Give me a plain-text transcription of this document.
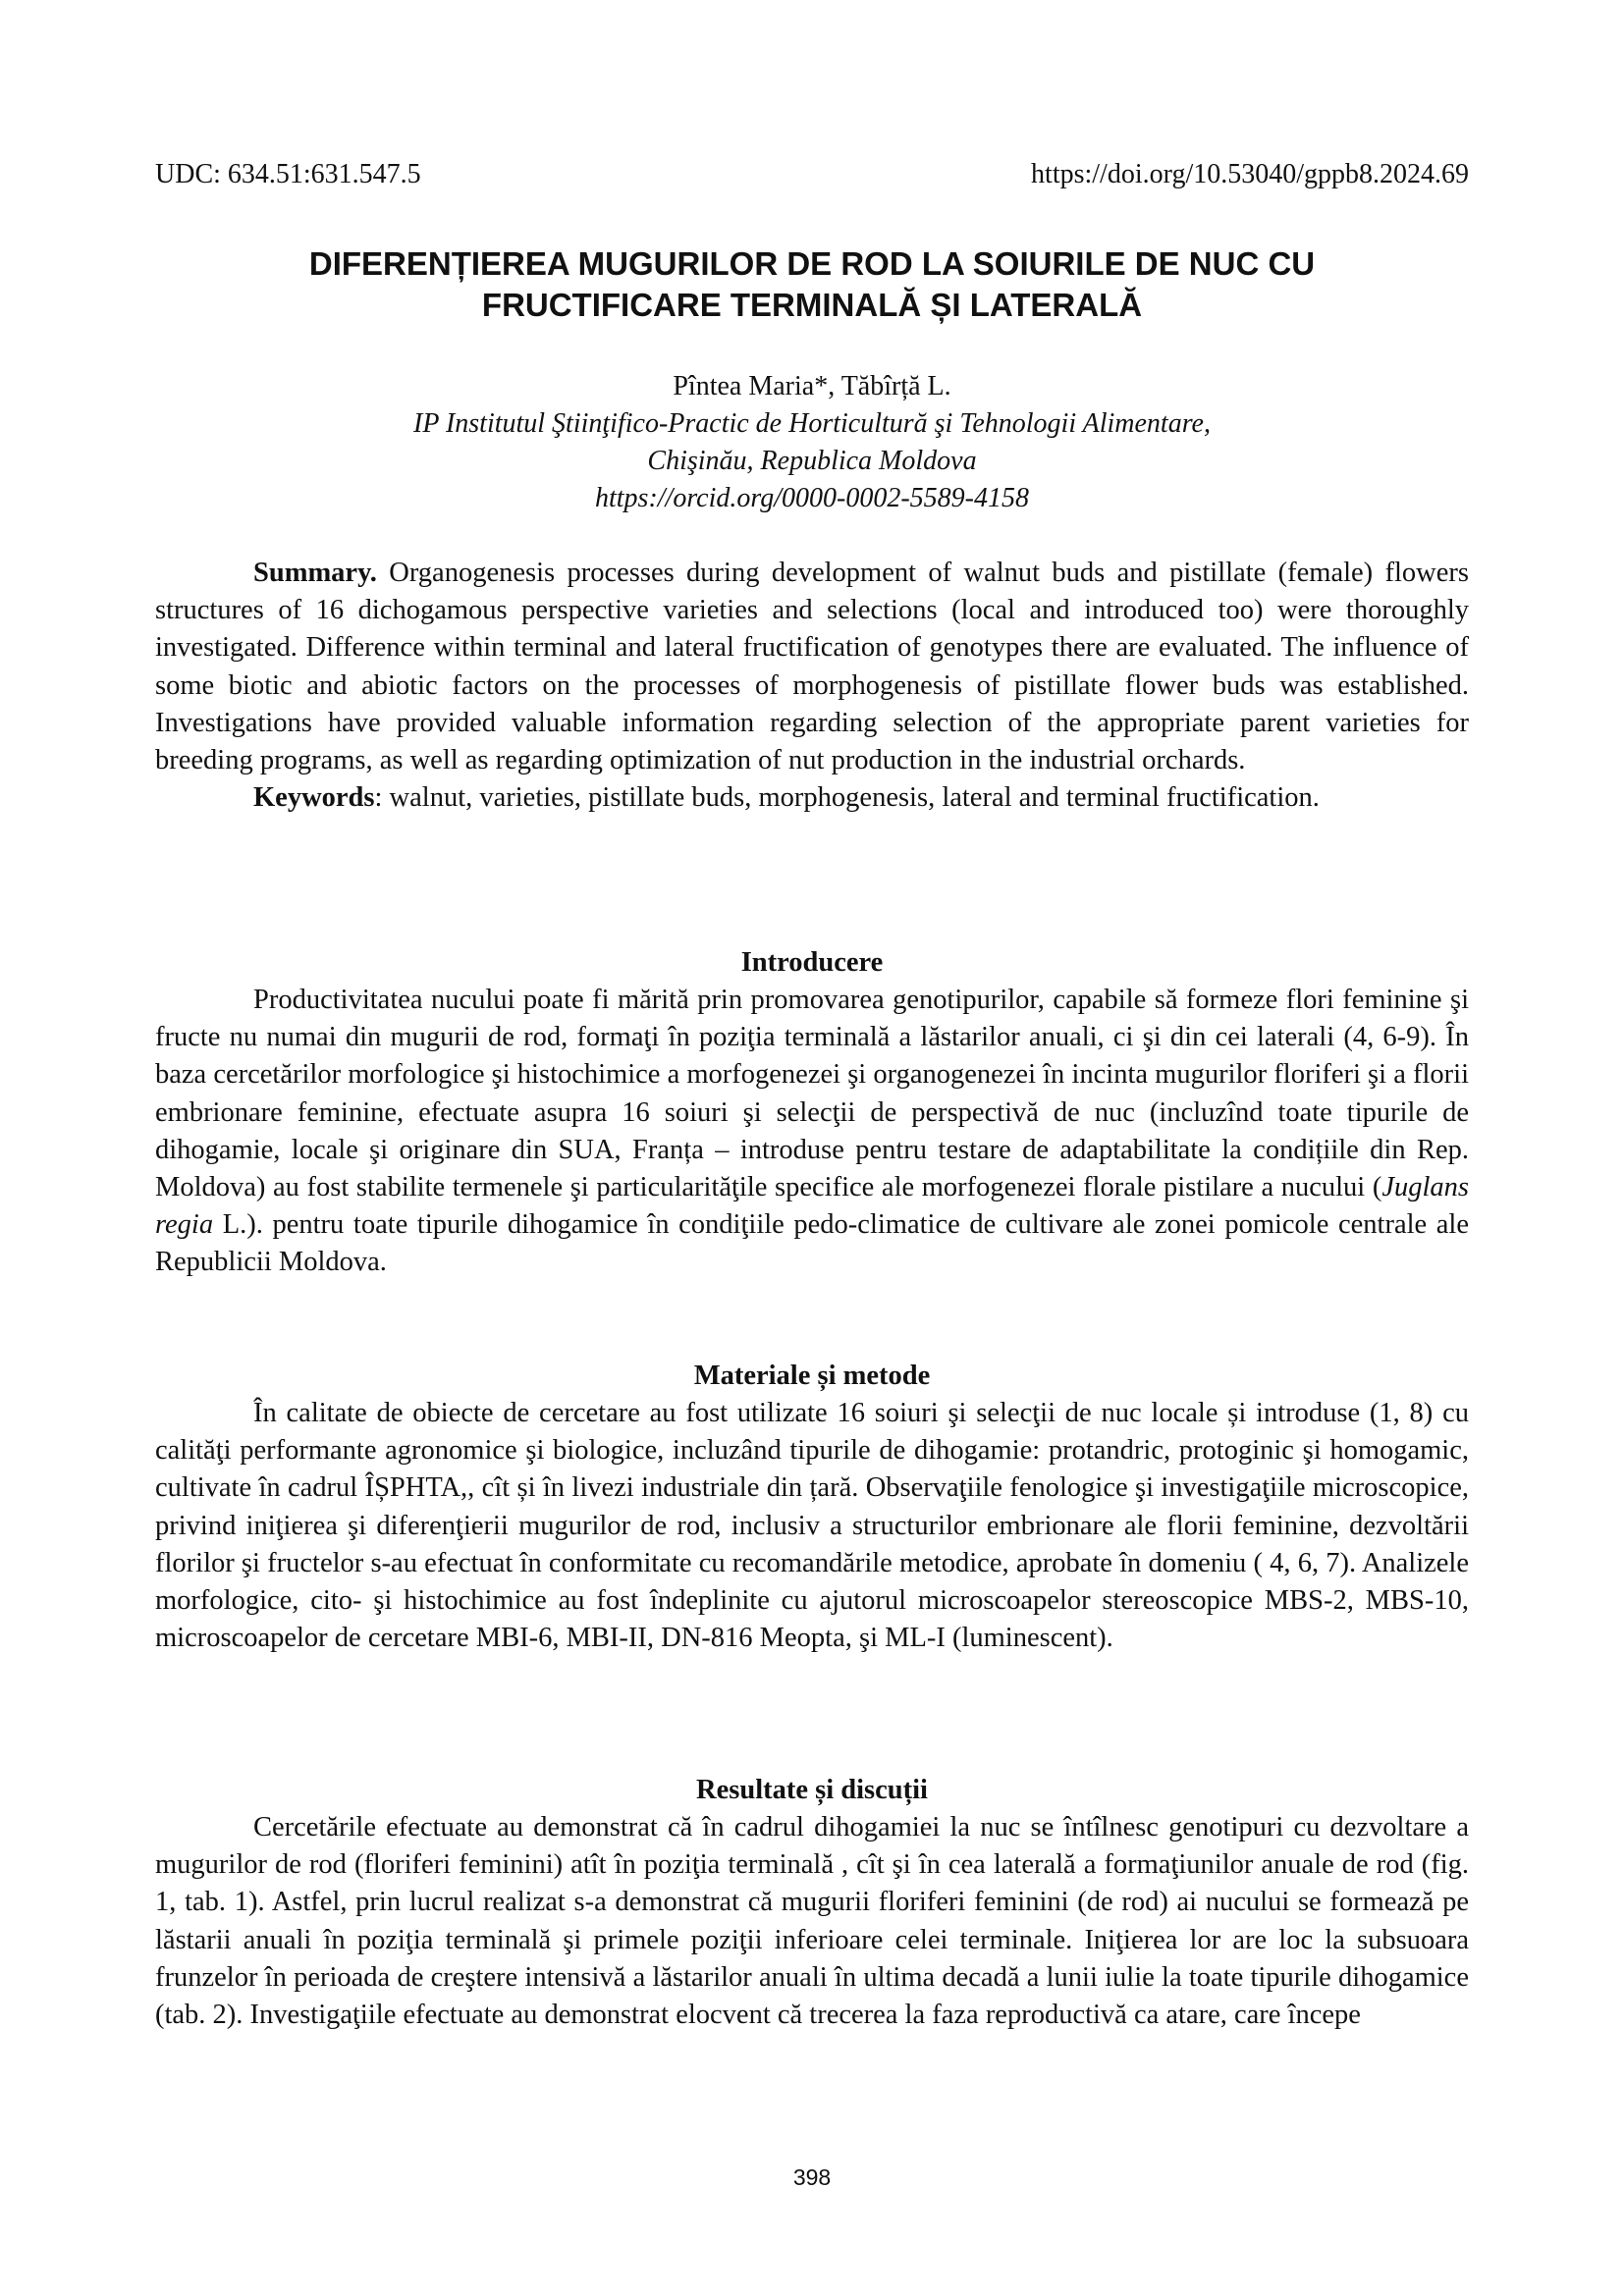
UDC: 634.51:631.547.5	https://doi.org/10.53040/gppb8.2024.69
DIFERENȚIEREA MUGURILOR DE ROD LA SOIURILE DE NUC CU
FRUCTIFICARE TERMINALĂ ȘI LATERALĂ
Pîntea Maria*, Tăbîrță L.
IP Institutul Ştiinţifico-Practic de Horticultură şi Tehnologii Alimentare,
Chişinău, Republica Moldova
https://orcid.org/0000-0002-5589-4158

Summary. Organogenesis processes during development of walnut buds and pistillate (female) flowers structures of 16 dichogamous perspective varieties and selections (local and introduced too) were thoroughly investigated. Difference within terminal and lateral fructification of genotypes there are evaluated. The influence of some biotic and abiotic factors on the processes of morphogenesis of pistillate flower buds was established. Investigations have provided valuable information regarding selection of the appropriate parent varieties for breeding programs, as well as regarding optimization of nut production in the industrial orchards.

Keywords: walnut, varieties, pistillate buds, morphogenesis, lateral and terminal fructification.

Introducere

Productivitatea nucului poate fi mărită prin promovarea genotipurilor, capabile să formeze flori feminine şi fructe nu numai din mugurii de rod, formaţi în poziţia terminală a lăstarilor anuali, ci şi din cei laterali (4, 6-9). În baza cercetărilor morfologice şi histochimice a morfogenezei şi organogenezei în incinta mugurilor floriferi şi a florii embrionare feminine, efectuate asupra 16 soiuri şi selecţii de perspectivă de nuc (incluzînd toate tipurile de dihogamie, locale şi originare din SUA, Franța – introduse pentru testare de adaptabilitate la condițiile din Rep. Moldova) au fost stabilite termenele şi particularităţile specifice ale morfogenezei florale pistilare a nucului (Juglans regia L.). pentru toate tipurile dihogamice în condiţiile pedo-climatice de cultivare ale zonei pomicole centrale ale Republicii Moldova.

Materiale și metode

În calitate de obiecte de cercetare au fost utilizate 16 soiuri şi selecţii de nuc locale și introduse (1, 8) cu calităţi performante agronomice şi biologice, incluzând tipurile de dihogamie: protandric, protoginic şi homogamic, cultivate în cadrul ÎȘPHTA,, cît și în livezi industriale din țară. Observaţiile fenologice şi investigaţiile microscopice, privind iniţierea şi diferenţierii mugurilor de rod, inclusiv a structurilor embrionare ale florii feminine, dezvoltării florilor şi fructelor s-au efectuat în conformitate cu recomandările metodice, aprobate în domeniu ( 4, 6, 7). Analizele morfologice, cito- şi histochimice au fost îndeplinite cu ajutorul microscoapelor stereoscopice MBS-2, MBS-10, microscoapelor de cercetare MBI-6, MBI-II, DN-816 Meopta, şi ML-I (luminescent).

Resultate și discuții

Cercetările efectuate au demonstrat că în cadrul dihogamiei la nuc se întîlnesc genotipuri cu dezvoltare a mugurilor de rod (floriferi feminini) atît în poziţia terminală , cît şi în cea laterală a formaţiunilor anuale de rod (fig. 1, tab. 1). Astfel, prin lucrul realizat s-a demonstrat că mugurii floriferi feminini (de rod) ai nucului se formează pe lăstarii anuali în poziţia terminală şi primele poziţii inferioare celei terminale. Iniţierea lor are loc la subsuoara frunzelor în perioada de creştere intensivă a lăstarilor anuali în ultima decadă a lunii iulie la toate tipurile dihogamice (tab. 2). Investigaţiile efectuate au demonstrat elocvent că trecerea la faza reproductivă ca atare, care începe

398
